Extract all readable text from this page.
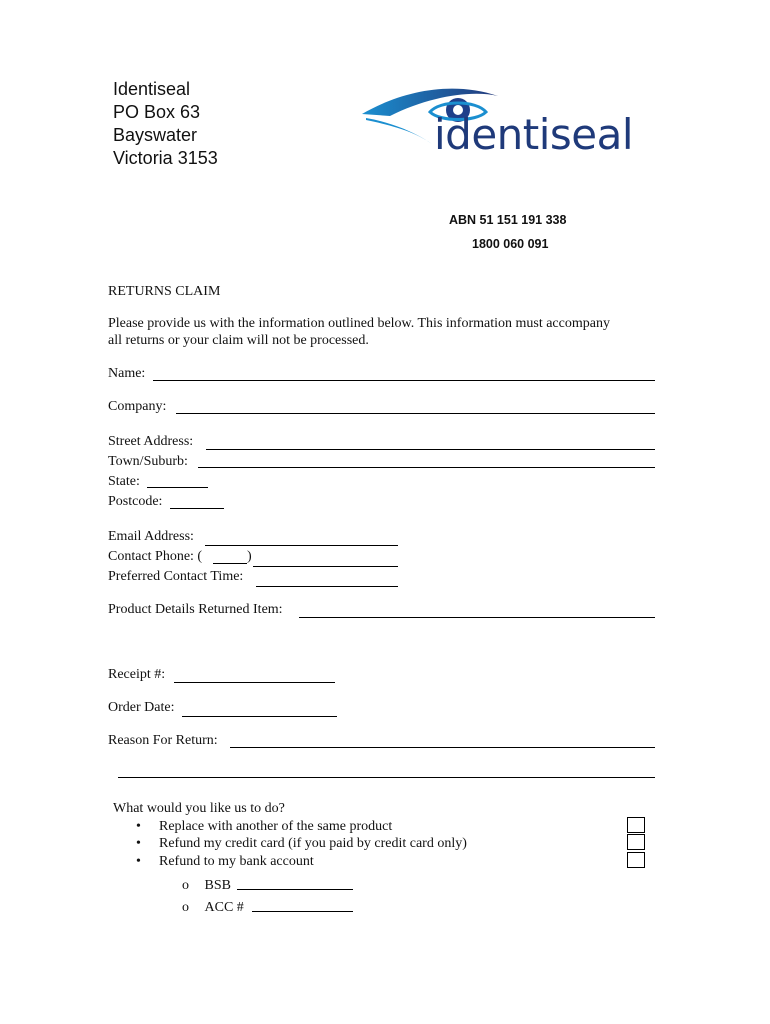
Identiseal
PO Box 63
Bayswater
Victoria 3153	identiseal
ABN 51 151 191 338
1800 060 091
RETURNS CLAIM
Please provide us with the information outlined below. This information must accompany
all returns or your claim will not be processed.
Name:
Company:
Street Address:
Town/Suburb:
State:
Postcode:
Email Address:
Contact Phone: (	)
Preferred Contact Time:
Product Details Returned Item:
Receipt #:
Order Date:
Reason For Return:
What would you like us to do?
• Replace with another of the same product
• Refund my credit card (if you paid by credit card only)
• Refund to my bank account
o BSB
o ACC #
